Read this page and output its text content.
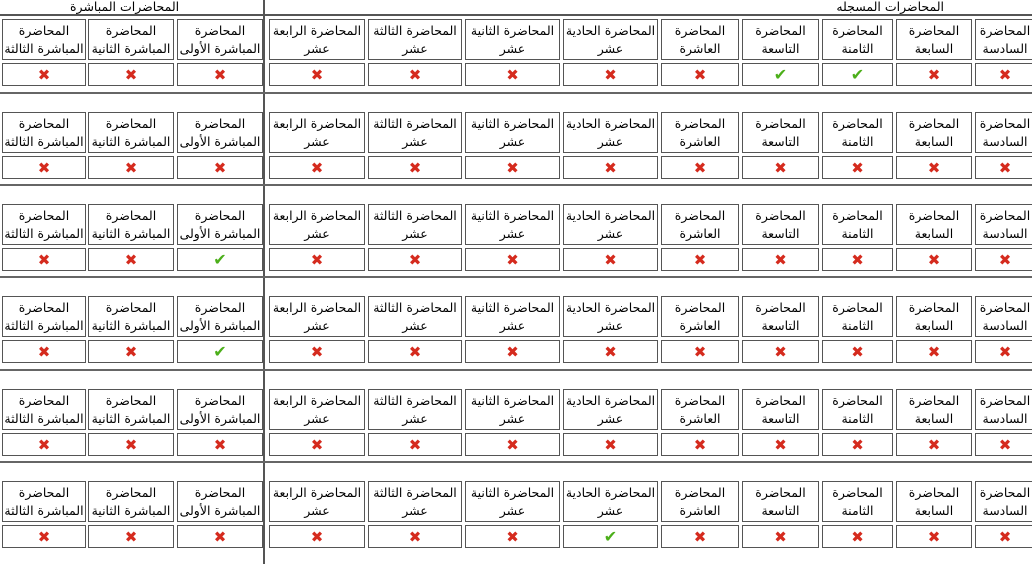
المحاضرات المباشرة	المحاضرات المسجله
المحاضرة
المباشرة الأولى
✖
المحاضرة
المباشرة الثانية
✖
المحاضرة
المباشرة الثالثة
✖
المحاضرة الرابعة
عشر
✖
المحاضرة الثالثة
عشر
✖
المحاضرة الثانية
عشر
✖
المحاضرة الحادية
عشر
✖
المحاضرة
العاشرة
✖
المحاضرة
التاسعة
✔
المحاضرة
الثامنة
✔
المحاضرة
السابعة
✖
المحاضرة
السادسة
✖
المحاضرة
المباشرة الأولى
✖
المحاضرة
المباشرة الثانية
✖
المحاضرة
المباشرة الثالثة
✖
المحاضرة الرابعة
عشر
✖
المحاضرة الثالثة
عشر
✖
المحاضرة الثانية
عشر
✖
المحاضرة الحادية
عشر
✖
المحاضرة
العاشرة
✖
المحاضرة
التاسعة
✖
المحاضرة
الثامنة
✖
المحاضرة
السابعة
✖
المحاضرة
السادسة
✖
المحاضرة
المباشرة الأولى
✔
المحاضرة
المباشرة الثانية
✖
المحاضرة
المباشرة الثالثة
✖
المحاضرة الرابعة
عشر
✖
المحاضرة الثالثة
عشر
✖
المحاضرة الثانية
عشر
✖
المحاضرة الحادية
عشر
✖
المحاضرة
العاشرة
✖
المحاضرة
التاسعة
✖
المحاضرة
الثامنة
✖
المحاضرة
السابعة
✖
المحاضرة
السادسة
✖
المحاضرة
المباشرة الأولى
✔
المحاضرة
المباشرة الثانية
✖
المحاضرة
المباشرة الثالثة
✖
المحاضرة الرابعة
عشر
✖
المحاضرة الثالثة
عشر
✖
المحاضرة الثانية
عشر
✖
المحاضرة الحادية
عشر
✖
المحاضرة
العاشرة
✖
المحاضرة
التاسعة
✖
المحاضرة
الثامنة
✖
المحاضرة
السابعة
✖
المحاضرة
السادسة
✖
المحاضرة
المباشرة الأولى
✖
المحاضرة
المباشرة الثانية
✖
المحاضرة
المباشرة الثالثة
✖
المحاضرة الرابعة
عشر
✖
المحاضرة الثالثة
عشر
✖
المحاضرة الثانية
عشر
✖
المحاضرة الحادية
عشر
✖
المحاضرة
العاشرة
✖
المحاضرة
التاسعة
✖
المحاضرة
الثامنة
✖
المحاضرة
السابعة
✖
المحاضرة
السادسة
✖
المحاضرة
المباشرة الأولى
✖
المحاضرة
المباشرة الثانية
✖
المحاضرة
المباشرة الثالثة
✖
المحاضرة الرابعة
عشر
✖
المحاضرة الثالثة
عشر
✖
المحاضرة الثانية
عشر
✖
المحاضرة الحادية
عشر
✔
المحاضرة
العاشرة
✖
المحاضرة
التاسعة
✖
المحاضرة
الثامنة
✖
المحاضرة
السابعة
✖
المحاضرة
السادسة
✖
